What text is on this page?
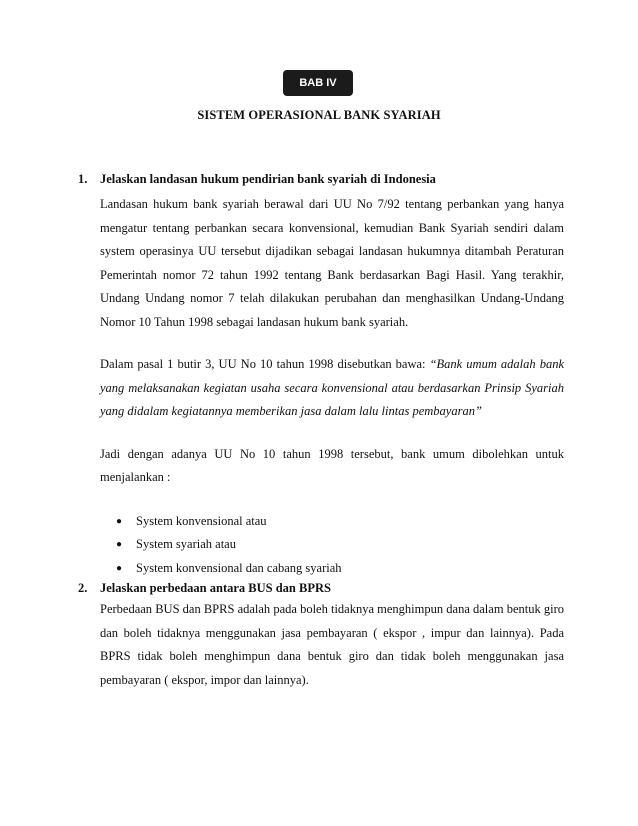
BAB IV
SISTEM OPERASIONAL BANK SYARIAH
1. Jelaskan landasan hukum pendirian bank syariah di Indonesia
Landasan hukum bank syariah berawal dari UU No 7/92 tentang perbankan yang hanya mengatur tentang perbankan secara konvensional, kemudian Bank Syariah sendiri dalam system operasinya UU tersebut dijadikan sebagai landasan hukumnya ditambah Peraturan Pemerintah nomor 72 tahun 1992 tentang Bank berdasarkan Bagi Hasil. Yang terakhir, Undang Undang nomor 7 telah dilakukan perubahan dan menghasilkan Undang-Undang Nomor 10 Tahun 1998 sebagai landasan hukum bank syariah.
Dalam pasal 1 butir 3, UU No 10 tahun 1998 disebutkan bawa: “Bank umum adalah bank yang melaksanakan kegiatan usaha secara konvensional atau berdasarkan Prinsip Syariah yang didalam kegiatannya memberikan jasa dalam lalu lintas pembayaran”
Jadi dengan adanya UU No 10 tahun 1998 tersebut, bank umum dibolehkan untuk menjalankan :
● System konvensional atau
● System syariah atau
● System konvensional dan cabang syariah
2. Jelaskan perbedaan antara BUS dan BPRS
Perbedaan BUS dan BPRS adalah pada boleh tidaknya menghimpun dana dalam bentuk giro dan boleh tidaknya menggunakan jasa pembayaran ( ekspor , impur dan lainnya). Pada BPRS tidak boleh menghimpun dana bentuk giro dan tidak boleh menggunakan jasa pembayaran ( ekspor, impor dan lainnya).
